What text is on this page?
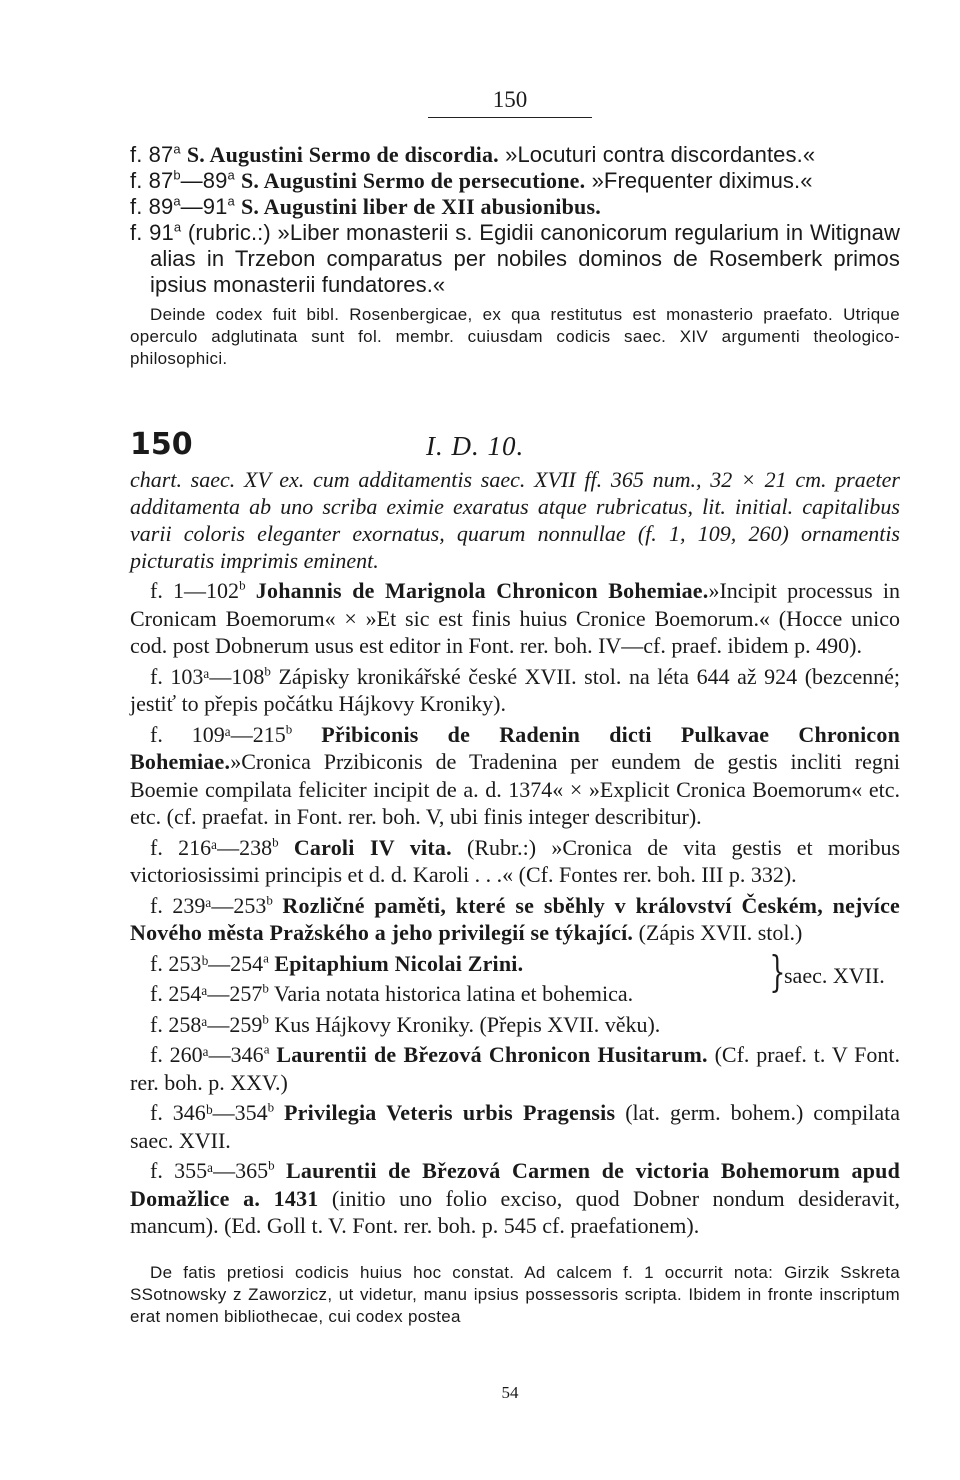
150

f. 87$^a$ S. Augustini Sermo de discordia. »Locuturi contra discordantes.«

f. 87$^b$—89$^a$ S. Augustini Sermo de persecutione. »Frequenter diximus.«

f. 89$^a$—91$^a$ S. Augustini liber de XII abusionibus.

f. 91$^a$ (rubric.:) »Liber monasterii s. Egidii canonicorum regularium in Witignaw alias in Trzebon comparatus per nobiles dominos de Rosemberk primos ipsius monasterii fundatores.«

Deinde codex fuit bibl. Rosenbergicae, ex qua restitutus est monasterio praefato. Utrique operculo adglutinata sunt fol. membr. cuiusdam codicis saec. XIV argumenti theologico-philosophici.

150	I. D. 10.

chart. saec. XV ex. cum additamentis saec. XVII ff. 365 num., 32 × 21 cm. praeter additamenta ab uno scriba eximie exaratus atque rubricatus, lit. initial. capitalibus varii coloris eleganter exornatus, quarum nonnullae (f. 1, 109, 260) ornamentis picturatis imprimis eminent.

f. 1—102$^b$ Johannis de Marignola Chronicon Bohemiae.»Incipit processus in Cronicam Boemorum« × »Et sic est finis huius Cronice Boemorum.« (Hocce unico cod. post Dobnerum usus est editor in Font. rer. boh. IV—cf. praef. ibidem p. 490).

f. 103ᵃ—108$^b$ Zápisky kronikářské české XVII. stol. na léta 644 až 924 (bezcenné; jestiť to přepis počátku Hájkovy Kroniky).

f. 109ᵃ—215$^b$ Přibiconis de Radenin dicti Pulkavae Chronicon Bohemiae.»Cronica Przibiconis de Tradenina per eundem de gestis incliti regni Boemie compilata feliciter incipit de a. d. 1374« × »Explicit Cronica Boemorum« etc. etc. (cf. praefat. in Font. rer. boh. V, ubi finis integer describitur).

f. 216ᵃ—238$^b$ Caroli IV vita. (Rubr.:) »Cronica de vita gestis et moribus victoriosissimi principis et d. d. Karoli . . .« (Cf. Fontes rer. boh. III p. 332).

f. 239ᵃ—253$^b$ Rozličné paměti, které se sběhly v království Českém, nejvíce Nového města Pražského a jeho privilegií se týkající. (Zápis XVII. stol.)

f. 253ᵇ—254$^a$ Epitaphium Nicolai Zrini.

f. 254ᵃ—257$^b$ Varia notata historica latina et bohemica.	}
saec. XVII.

f. 258ᵃ—259$^b$ Kus Hájkovy Kroniky. (Přepis XVII. věku).

f. 260ᵃ—346$^a$ Laurentii de Březová Chronicon Husitarum. (Cf. praef. t. V Font. rer. boh. p. XXV.)

f. 346ᵇ—354$^b$ Privilegia Veteris urbis Pragensis (lat. germ. bohem.) compilata saec. XVII.

f. 355ᵃ—365$^b$ Laurentii de Březová Carmen de victoria Bohemorum apud Domažlice a. 1431 (initio uno folio exciso, quod Dobner nondum desideravit, mancum). (Ed. Goll t. V. Font. rer. boh. p. 545 cf. praefationem).

De fatis pretiosi codicis huius hoc constat. Ad calcem f. 1 occurrit nota: Girzik Sskreta SSotnowsky z Zaworzicz, ut videtur, manu ipsius possessoris scripta. Ibidem in fronte inscriptum erat nomen bibliothecae, cui codex postea

54
